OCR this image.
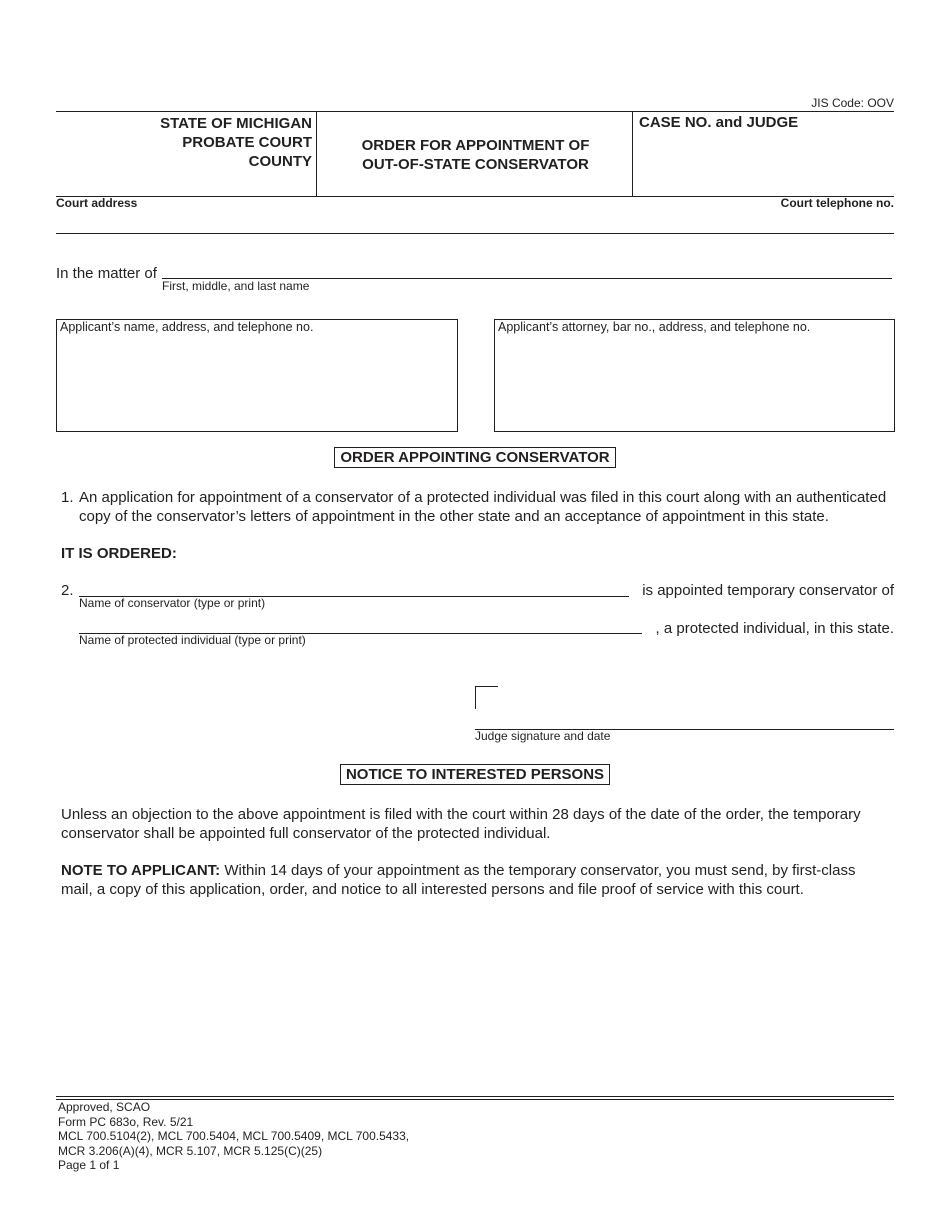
JIS Code: OOV
STATE OF MICHIGAN
PROBATE COURT
COUNTY
ORDER FOR APPOINTMENT OF
OUT-OF-STATE CONSERVATOR
CASE NO. and JUDGE
Court address	Court telephone no.
In the matter of
First, middle, and last name
Applicant’s name, address, and telephone no.	Applicant’s attorney, bar no., address, and telephone no.
ORDER APPOINTING CONSERVATOR
1. An application for appointment of a conservator of a protected individual was filed in this court along with an authenticated
copy of the conservator’s letters of appointment in the other state and an acceptance of appointment in this state.
IT IS ORDERED:
2.	is appointed temporary conservator of
Name of conservator (type or print)
, a protected individual, in this state.
Name of protected individual (type or print)
Judge signature and date
NOTICE TO INTERESTED PERSONS
Unless an objection to the above appointment is filed with the court within 28 days of the date of the order, the temporary
conservator shall be appointed full conservator of the protected individual.
NOTE TO APPLICANT: Within 14 days of your appointment as the temporary conservator, you must send, by first-class
mail, a copy of this application, order, and notice to all interested persons and file proof of service with this court.
Approved, SCAO
Form PC 683o, Rev. 5/21
MCL 700.5104(2), MCL 700.5404, MCL 700.5409, MCL 700.5433,
MCR 3.206(A)(4), MCR 5.107, MCR 5.125(C)(25)
Page 1 of 1
